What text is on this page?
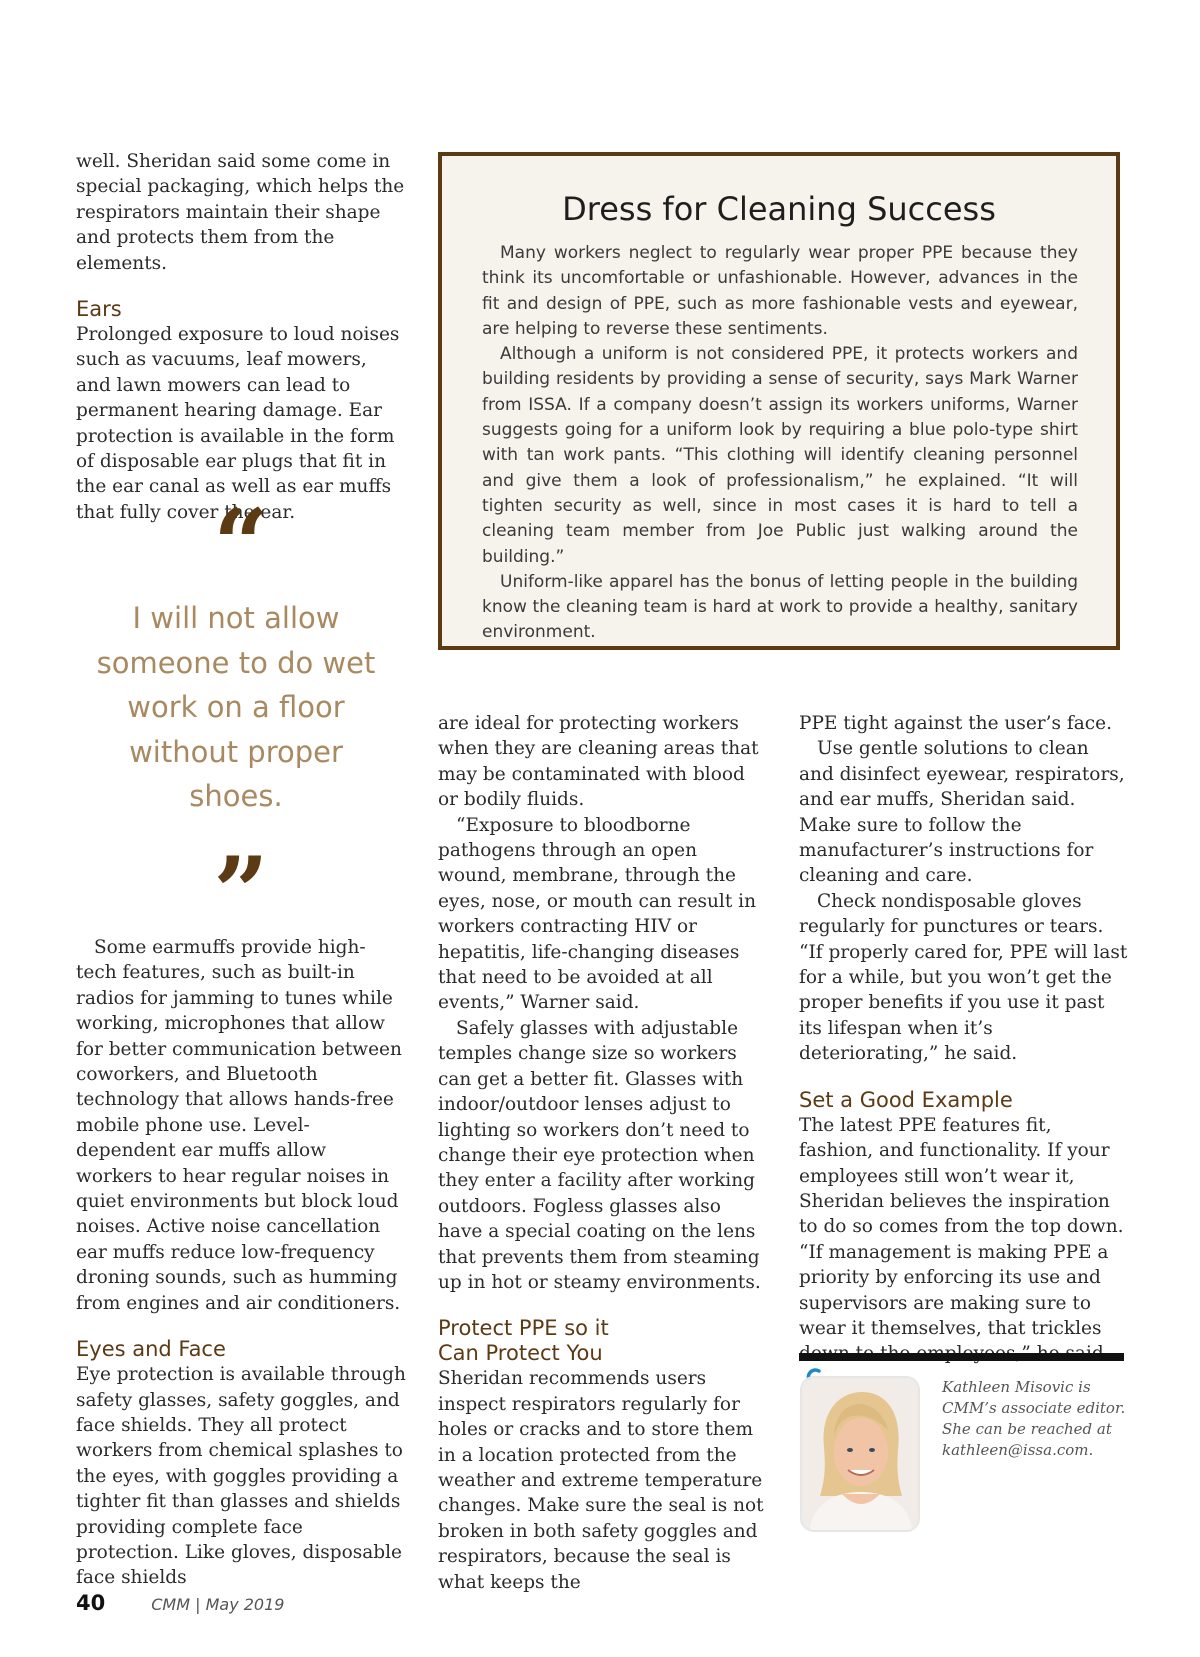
well. Sheridan said some come in special packaging, which helps the respirators maintain their shape and protects them from the elements.

Ears

Prolonged exposure to loud noises such as vacuums, leaf mowers, and lawn mowers can lead to permanent hearing damage. Ear protection is available in the form of disposable ear plugs that fit in the ear canal as well as ear muffs that fully cover the ear.

“
I will not allow someone to do wet work on a floor without proper shoes.
”

Some earmuffs provide high-tech features, such as built-in radios for jamming to tunes while working, microphones that allow for better communication between coworkers, and Bluetooth technology that allows hands-free mobile phone use. Level-dependent ear muffs allow workers to hear regular noises in quiet environments but block loud noises. Active noise cancellation ear muffs reduce low-frequency droning sounds, such as humming from engines and air conditioners.

Eyes and Face

Eye protection is available through safety glasses, safety goggles, and face shields. They all protect workers from chemical splashes to the eyes, with goggles providing a tighter fit than glasses and shields providing complete face protection. Like gloves, disposable face shields

Dress for Cleaning Success

Many workers neglect to regularly wear proper PPE because they think its uncomfortable or unfashionable. However, advances in the fit and design of PPE, such as more fashionable vests and eyewear, are helping to reverse these sentiments.

Although a uniform is not considered PPE, it protects workers and building residents by providing a sense of security, says Mark Warner from ISSA. If a company doesn’t assign its workers uniforms, Warner suggests going for a uniform look by requiring a blue polo-type shirt with tan work pants. “This clothing will identify cleaning personnel and give them a look of professionalism,” he explained. “It will tighten security as well, since in most cases it is hard to tell a cleaning team member from Joe Public just walking around the building.”

Uniform-like apparel has the bonus of letting people in the building know the cleaning team is hard at work to provide a healthy, sanitary environment.

are ideal for protecting workers when they are cleaning areas that may be contaminated with blood or bodily fluids.

“Exposure to bloodborne pathogens through an open wound, membrane, through the eyes, nose, or mouth can result in workers contracting HIV or hepatitis, life-changing diseases that need to be avoided at all events,” Warner said.

Safely glasses with adjustable temples change size so workers can get a better fit. Glasses with indoor/outdoor lenses adjust to lighting so workers don’t need to change their eye protection when they enter a facility after working outdoors. Fogless glasses also have a special coating on the lens that prevents them from steaming up in hot or steamy environments.

Protect PPE so it
Can Protect You

Sheridan recommends users inspect respirators regularly for holes or cracks and to store them in a location protected from the weather and extreme temperature changes. Make sure the seal is not broken in both safety goggles and respirators, because the seal is what keeps the

PPE tight against the user’s face.

Use gentle solutions to clean and disinfect eyewear, respirators, and ear muffs, Sheridan said. Make sure to follow the manufacturer’s instructions for cleaning and care.

Check nondisposable gloves regularly for punctures or tears. “If properly cared for, PPE will last for a while, but you won’t get the proper benefits if you use it past its lifespan when it’s deteriorating,” he said.

Set a Good Example

The latest PPE features fit, fashion, and functionality. If your employees still won’t wear it, Sheridan believes the inspiration to do so comes from the top down. “If management is making PPE a priority by enforcing its use and supervisors are making sure to wear it themselves, that trickles

Kathleen Misovic is CMM’s associate editor. She can be reached at kathleen@issa.com.
40	CMM | May 2019
